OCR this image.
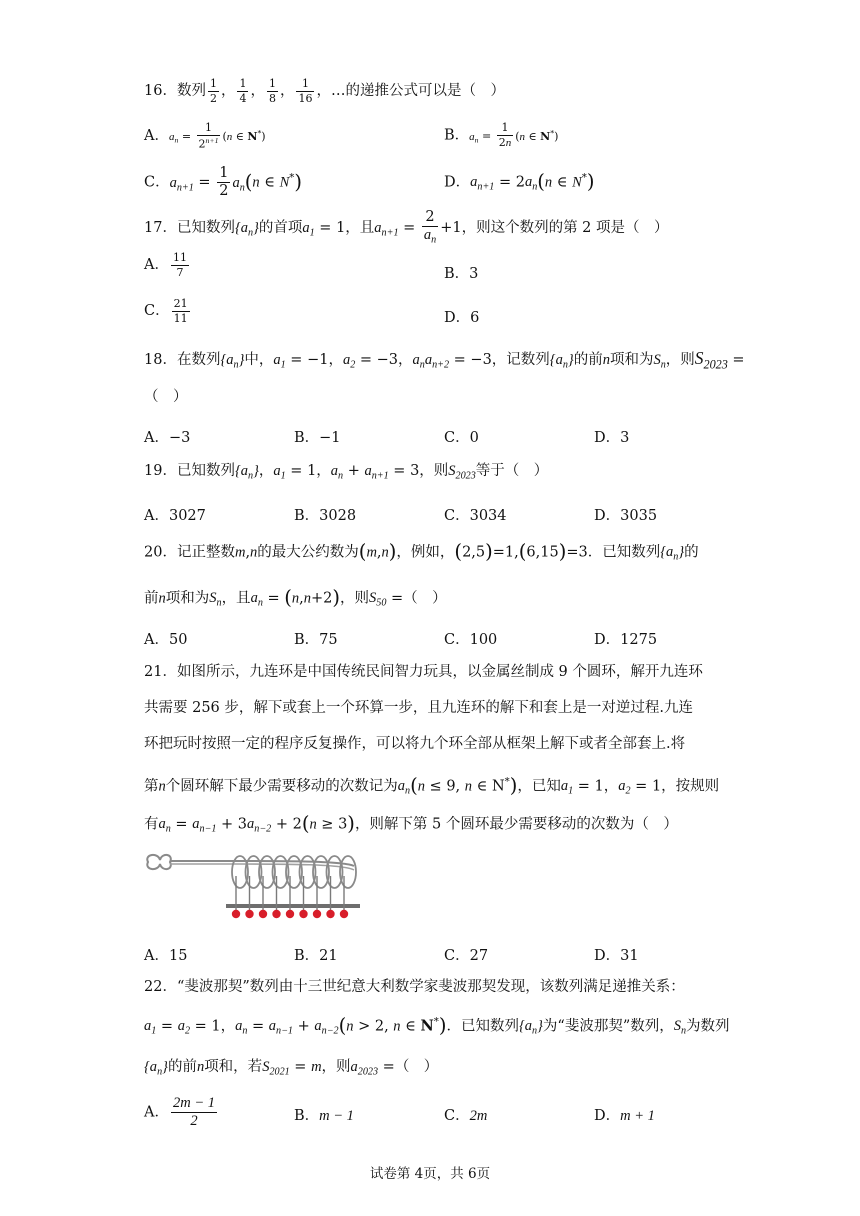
16．数列 $\frac{1}{2}$ ， $\frac{1}{4}$ ， $\frac{1}{8}$ ， $\frac{1}{16}$ ，…的递推公式可以是（　）
A．$a_n = \frac{1}{2^{n+1}} (n$ ∈ N*)	B．$a_n = \frac{1}{2n} (n$ ∈ N*)
C．$a_{n+1} = \frac{1}{2} a_n(n$ ∈ N*)	D．$a_{n+1} = 2a_n(n$ ∈ N*)
17．已知数列$\{a_n\}$的首项$a_1 = 1$，且$a_{n+1} = \frac{2}{a_n} +1$，则这个数列的第 2 项是（　）
A． $\frac{11}{7}$	B．3
C． $\frac{21}{11}$	D．6
18．在数列$\{a_n\}$中，$a_1 = -1$，$a_2 = -3$，$a_na_{n+2} = -3$，记数列$\{a_n\}$的前n项和为$S_n$，则$S_{2023}$ =
（　）
A．−3	B．−1	C．0	D．3
19．已知数列$\{a_n\}$，$a_1 = 1$，$a_n + a_{n+1} = 3$，则$S_{2023}$等于（　）
A．3027	B．3028	C．3034	D．3035
20．记正整数m,n的最大公约数为(m,n)，例如，(2,5)=1,(6,15)=3．已知数列$\{a_n\}$的
前n项和为$S_n$，且$a_n = (n,n+2)$，则$S_{50}$ =（　）
A．50	B．75	C．100	D．1275
21．如图所示，九连环是中国传统民间智力玩具，以金属丝制成 9 个圆环，解开九连环
共需要 256 步，解下或套上一个环算一步，且九连环的解下和套上是一对逆过程.九连
环把玩时按照一定的程序反复操作，可以将九个环全部从框架上解下或者全部套上.将
第n个圆环解下最少需要移动的次数记为$a_n(n \le 9$, n ∈ N*)，已知$a_1 = 1$，$a_2 = 1$，按规则
有$a_n = a_{n-1} + 3a_{n-2} + 2(n \ge 3)$，则解下第 5 个圆环最少需要移动的次数为（　）
A．15	B．21	C．27	D．31
22．“斐波那契”数列由十三世纪意大利数学家斐波那契发现，该数列满足递推关系：
$a_1 = a_2 = 1$，$a_n = a_{n-1} + a_{n-2}(n > 2$, n ∈ N*)．已知数列$\{a_n\}$为“斐波那契”数列，$S_n$为数列
$\{a_n\}$的前n项和，若$S_{2021} = m$，则$a_{2023}$ =（　）
A． $\frac{2m - 1}{2}$	B．m − 1	C．2m	D．m + 1
试卷第 4页，共 6页
